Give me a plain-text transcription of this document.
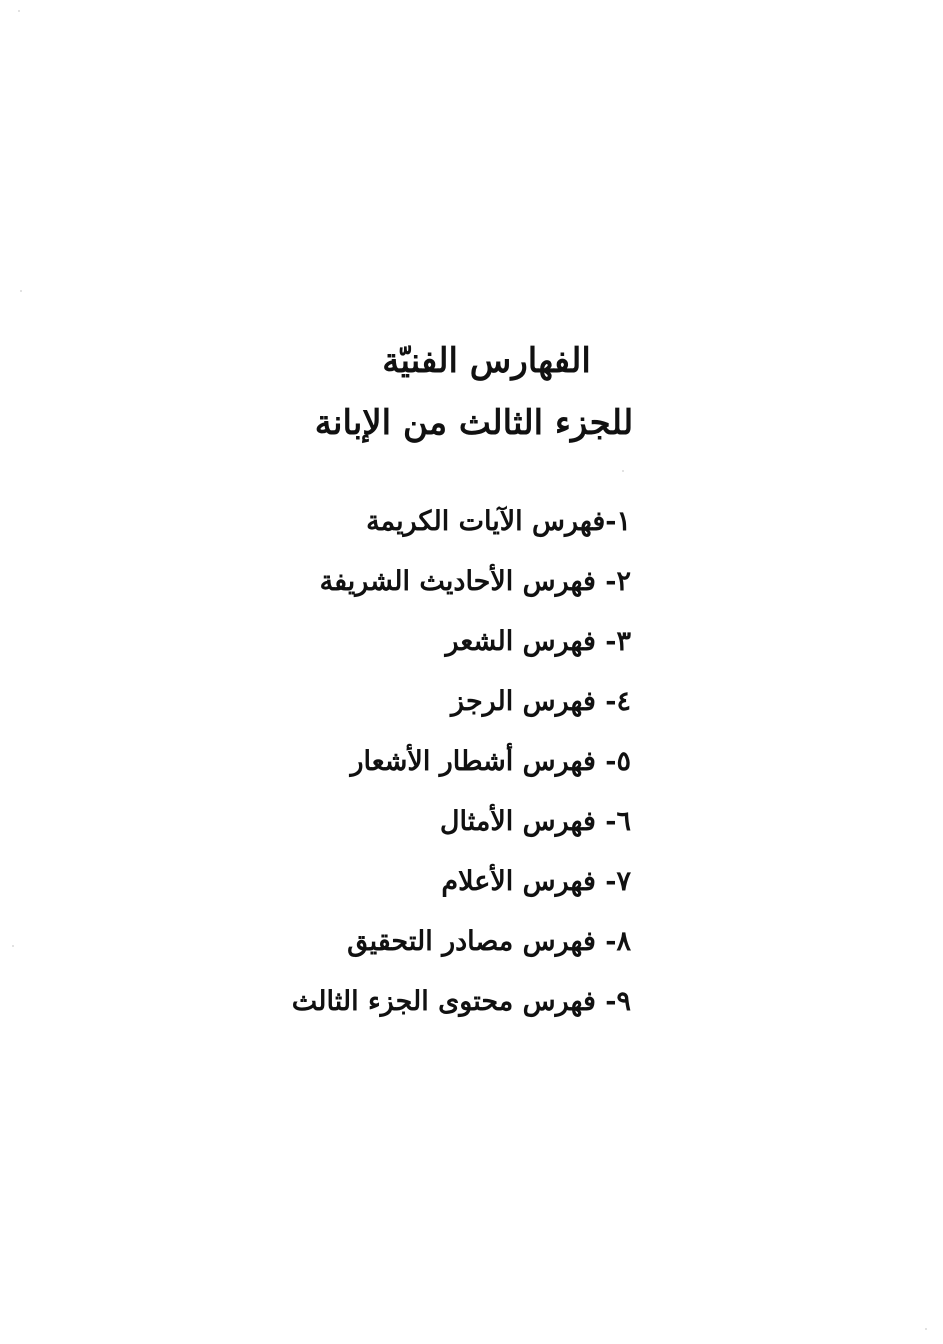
الفهارس الفنيّة
للجزء الثالث من الإبانة
١-فهرس الآيات الكريمة
٢- فهرس الأحاديث الشريفة
٣- فهرس الشعر
٤- فهرس الرجز
٥- فهرس أشطار الأشعار
٦- فهرس الأمثال
٧- فهرس الأعلام
٨- فهرس مصادر التحقيق
٩- فهرس محتوى الجزء الثالث
